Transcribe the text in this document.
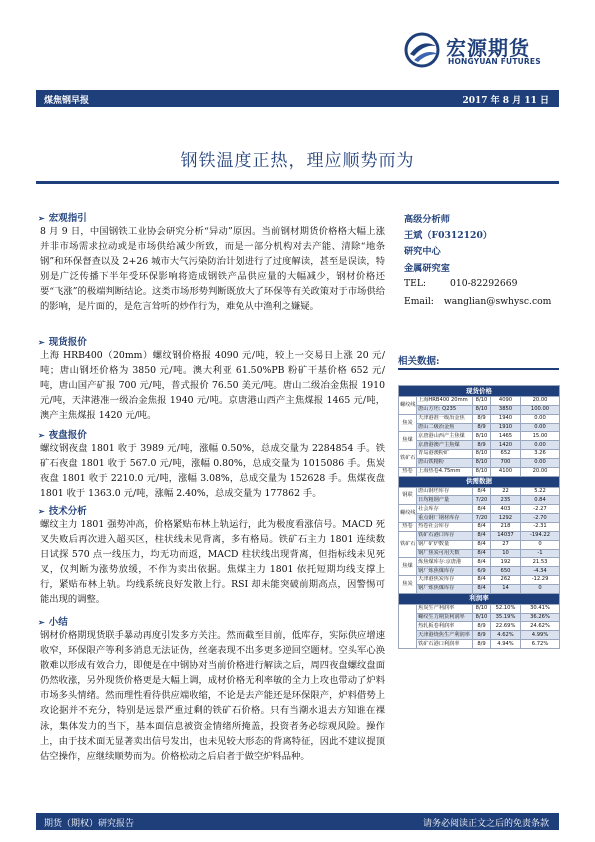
宏源期货
HONGYUAN FUTURES
煤焦钢早报	2017 年 8 月 11 日
钢铁温度正热，理应顺势而为
➢ 宏观指引
8 月 9 日，中国钢铁工业协会研究分析“异动”原因。当前钢材期货价格格大幅上涨并非市场需求拉动或是市场供给减少所致，而是一部分机构对去产能、清除“地条钢”和环保督查以及 2+26 城市大气污染防治计划进行了过度解读，甚至是误读，特别是广泛传播下半年受环保影响将造成钢铁产品供应量的大幅减少，钢材价格还要“飞涨”的极端判断结论。这类市场形势判断既放大了环保等有关政策对于市场供给的影响，是片面的，是危言耸听的炒作行为，难免从中渔利之嫌疑。
➢ 现货报价
上海 HRB400（20mm）螺纹钢价格报 4090 元/吨，较上一交易日上涨 20 元/吨；唐山钢坯价格为 3850 元/吨。澳大利亚 61.50%PB 粉矿干基价格 652 元/吨，唐山国产矿报 700 元/吨，普式报价 76.50 美元/吨。唐山二级冶金焦报 1910 元/吨，天津港准一级冶金焦报 1940 元/吨。京唐港山西产主焦煤报 1465 元/吨，澳产主焦煤报 1420 元/吨。
➢ 夜盘报价
螺纹钢夜盘 1801 收于 3989 元/吨，涨幅 0.50%，总成交量为 2284854 手。铁矿石夜盘 1801 收于 567.0 元/吨，涨幅 0.80%，总成交量为 1015086 手。焦炭夜盘 1801 收于 2210.0 元/吨，涨幅 3.08%，总成交量为 152628 手。焦煤夜盘 1801 收于 1363.0 元/吨，涨幅 2.40%，总成交量为 177862 手。
➢ 技术分析
螺纹主力 1801 强势冲高，价格紧贴布林上轨运行，此为极度看涨信号。MACD 死叉失败后再次进入超买区，柱状线未见背离，多有格局。铁矿石主力 1801 连续数日试探 570 点一线压力，均无功而返，MACD 柱状线出现背离，但指标线未见死叉，仅判断为涨势放缓，不作为卖出依据。焦煤主力 1801 依托短期均线支撑上行，紧贴布林上轨。均线系统良好发散上行。RSI 却未能突破前期高点，因警惕可能出现的调整。
➢ 小结
钢材价格期现货联手暴动再度引发多方关注。然而截至目前，低库存，实际供应增速收窄，环保限产等利多消息无法证伪，丝毫表现不出多更多逆回空题材。空头军心涣散难以形成有效合力，即便是在中钢协对当前价格进行解读之后，周四夜盘螺纹盘面仍然收涨，另外现货价格更是大幅上调，成材价格无利率敏的全力上攻也带动了炉料市场多头情绪。然而理性看待供应端收缩，不论是去产能还是环保限产，炉料借势上攻论据并不充分，特别是远景严重过剩的铁矿石价格。只有当潮水退去方知谁在裸泳，集体发力的当下，基本面信息被资金情绪所掩盖，投资者务必综观风险。操作上，由于技术面无显著卖出信号发出，也未见较大形态的背离特征，因此不建议提顶估空操作，应继续顺势而为。价格松动之后启者于做空炉料品种。
高级分析师
王斌（F0312120）
研究中心
金属研究室
TEL:	010-82292669
Email: wanglian@swhysc.com
相关数据:
现货价格				
螺纹线	上海HRB400 20mm	8/10	4090	20.00
	唐山方坯: Q235	8/10	3850	100.00
焦炭	天津港准一级冶金焦	8/9	1940	0.00
	唐山二级冶金焦	8/9	1910	0.00
焦煤	京唐港山西产主焦煤	8/10	1465	15.00
	京唐港澳产主焦煤	8/9	1420	0.00
铁矿石	青岛港澳粉矿	8/10	652	3.26
	唐山铁精粉	8/10	700	0.00
热卷	上海热卷4.75mm	8/10	4100	20.00
供需数据				
钢联	唐山钢坯库存	8/4	22	5.22
	日均粗钢产量	7/20	235	0.84
螺纹线	社会库存	8/4	403	-2.27
	重点钢厂钢材库存	7/20	1292	-2.70
热卷	热卷社会库存	8/4	218	-2.31
铁矿石	铁矿石港口库存	8/4	14037	-194.22
	钢厂矿炉数量	8/4	27	0
	钢厂焦炭可用天数	8/4	10	-1
焦煤	炼焦煤库存:京唐港	8/4	192	21.53
	钢厂炼焦煤库存	6/9	650	-4.34
焦炭	天津港焦炭库存	8/4	262	-12.29
	钢厂炼焦煤库存	8/4	14	0
利润率				
	焦炭生产利润率	8/10	52.10%	30.41%
	螺纹生力期货利润率	8/10	35.19%	36.26%
	热轧板卷利润率	8/9	22.69%	24.62%
	天津港烧焦生产利润率	8/9	4.62%	4.99%
	铁矿石港口利润率	8/9	4.94%	6.72%
期货（期权）研究报告	请务必阅读正文之后的免责条款
